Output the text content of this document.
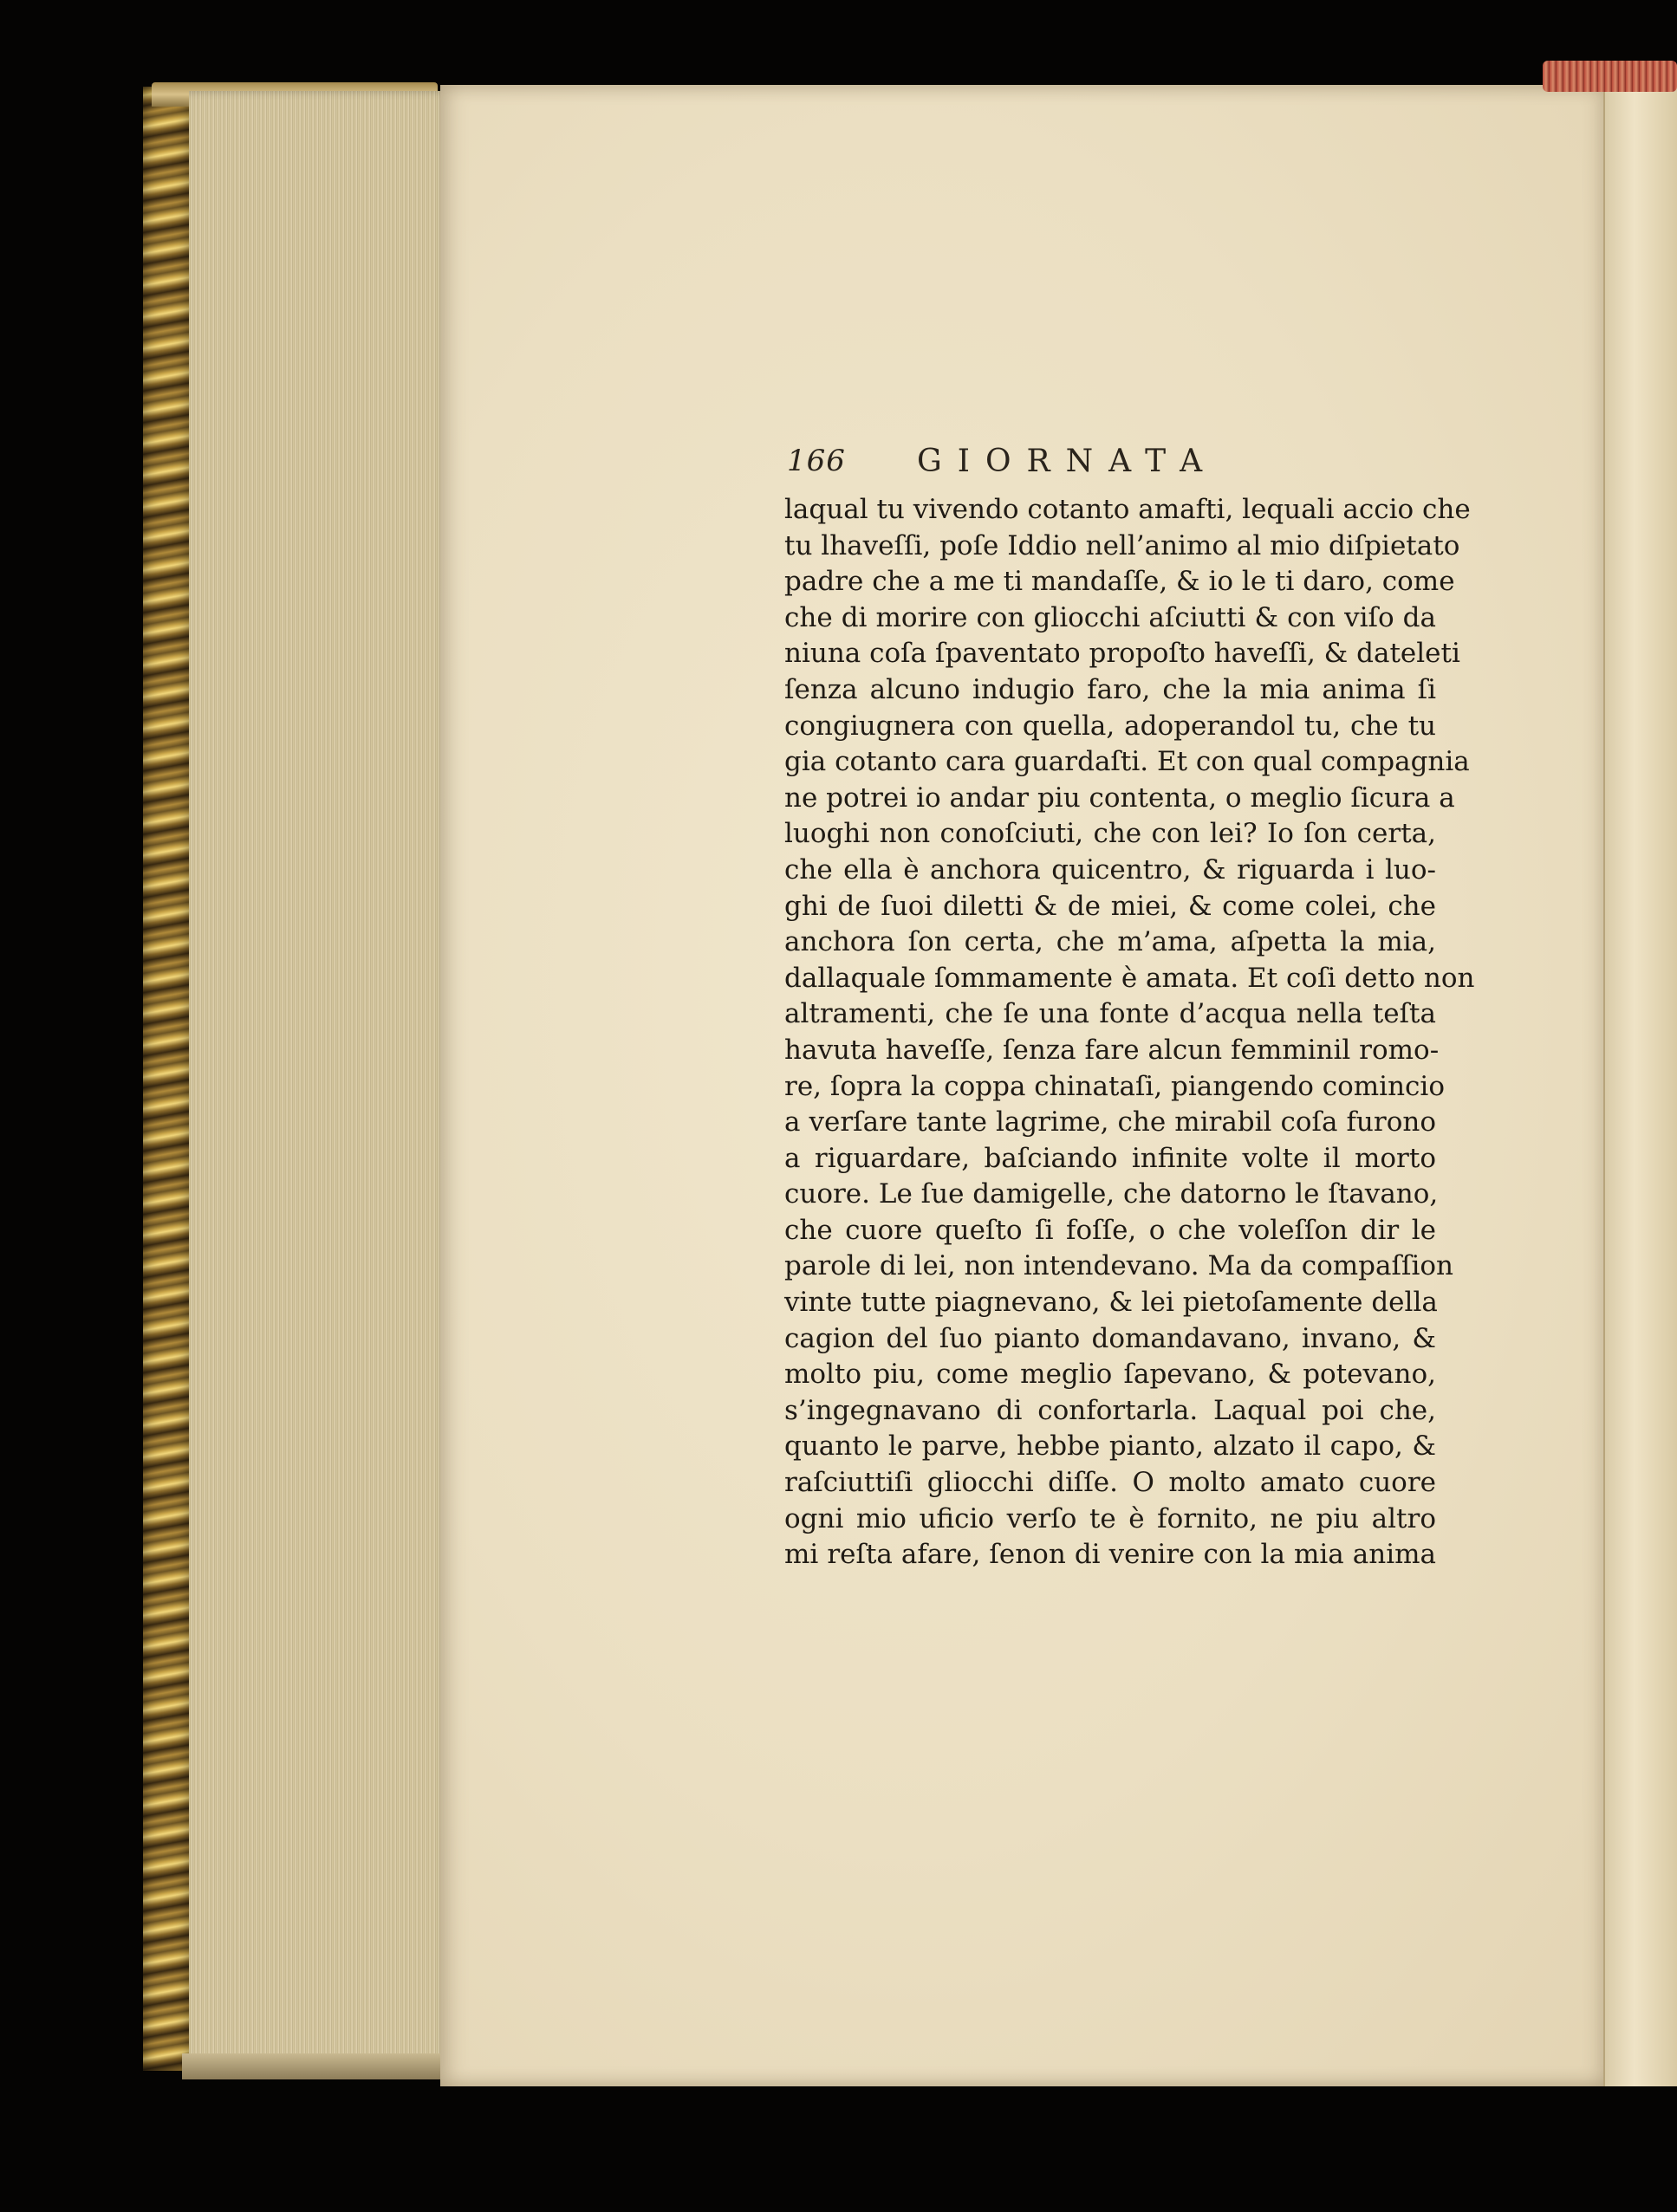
166 GIORNATA
laqual tu vivendo cotanto amafti, lequali accio che
tu lhaveſſi, poſe Iddio nell’animo al mio diſpietato
padre che a me ti mandaſſe, & io le ti daro, come
che di morire con gliocchi aſciutti & con viſo da
niuna coſa ſpaventato propoſto haveſſi, & dateleti
ſenza alcuno indugio faro, che la mia anima ſi
congiugnera con quella, adoperandol tu, che tu
gia cotanto cara guardaſti. Et con qual compagnia
ne potrei io andar piu contenta, o meglio ſicura a
luoghi non conoſciuti, che con lei? Io ſon certa,
che ella è anchora quicentro, & riguarda i luo-
ghi de ſuoi diletti & de miei, & come colei, che
anchora ſon certa, che m’ama, aſpetta la mia,
dallaquale ſommamente è amata. Et coſi detto non
altramenti, che ſe una fonte d’acqua nella teſta
havuta haveſſe, ſenza fare alcun femminil romo-
re, ſopra la coppa chinataſi, piangendo comincio
a verſare tante lagrime, che mirabil coſa furono
a riguardare, baſciando infinite volte il morto
cuore. Le ſue damigelle, che datorno le ſtavano,
che cuore queſto ſi foſſe, o che voleſſon dir le
parole di lei, non intendevano. Ma da compaſſion
vinte tutte piagnevano, & lei pietoſamente della
cagion del ſuo pianto domandavano, invano, &
molto piu, come meglio ſapevano, & potevano,
s’ingegnavano di confortarla. Laqual poi che,
quanto le parve, hebbe pianto, alzato il capo, &
raſciuttiſi gliocchi diſſe. O molto amato cuore
ogni mio uficio verſo te è fornito, ne piu altro
mi reſta afare, ſenon di venire con la mia anima
